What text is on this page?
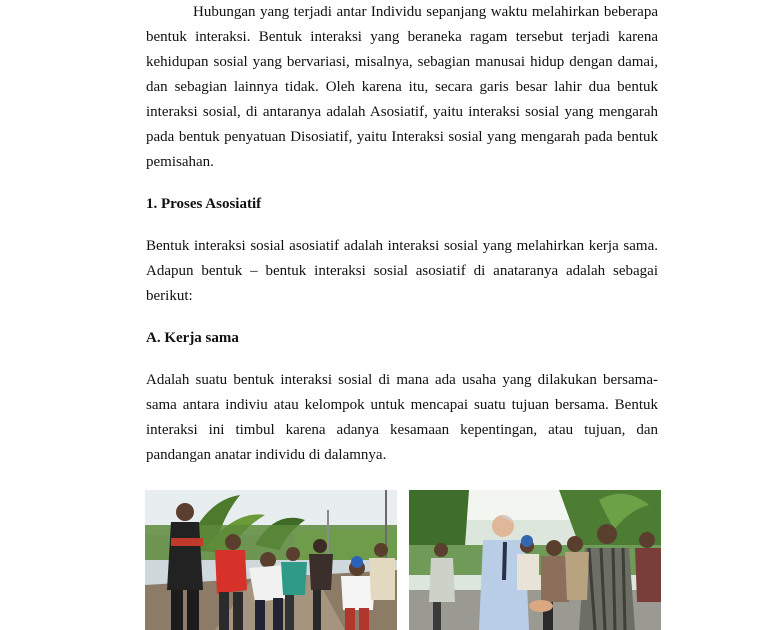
Hubungan yang terjadi antar Individu sepanjang waktu melahirkan beberapa bentuk interaksi. Bentuk interaksi yang beraneka ragam tersebut terjadi karena kehidupan sosial yang bervariasi, misalnya, sebagian manusai hidup dengan damai, dan sebagian lainnya tidak. Oleh karena itu, secara garis besar lahir dua bentuk interaksi sosial, di antaranya adalah Asosiatif, yaitu interaksi sosial yang mengarah pada bentuk penyatuan Disosiatif, yaitu Interaksi sosial yang mengarah pada bentuk pemisahan.

1. Proses Asosiatif

Bentuk interaksi sosial asosiatif adalah interaksi sosial yang melahirkan kerja sama. Adapun bentuk – bentuk interaksi sosial asosiatif di anataranya adalah sebagai berikut:

A. Kerja sama

Adalah suatu bentuk interaksi sosial di mana ada usaha yang dilakukan bersama-sama antara indiviu atau kelompok untuk mencapai suatu tujuan bersama. Bentuk interaksi ini timbul karena adanya kesamaan kepentingan, atau tujuan, dan pandangan anatar individu di dalamnya.
